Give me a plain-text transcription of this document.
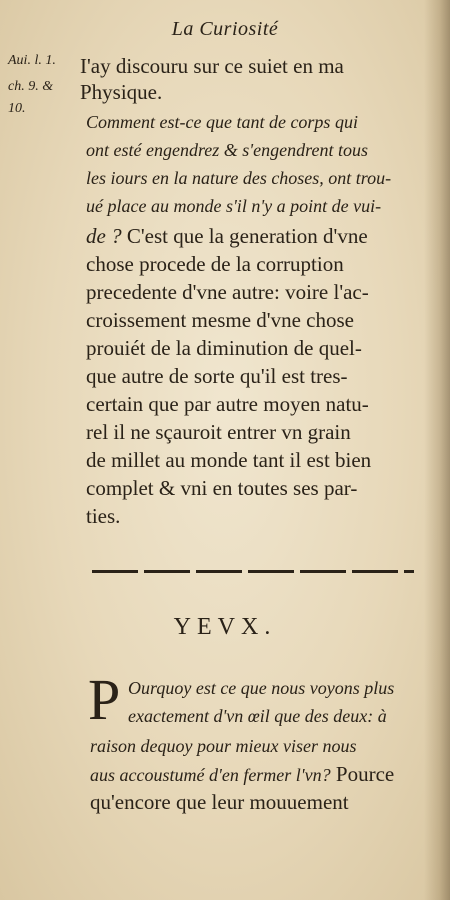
La Curiosité
Aui. l. 1.
ch. 9. &
10.
I'ay discouru sur ce suiet en ma
Physique.
Comment est-ce que tant de corps qui
ont esté engendrez & s'engendrent tous
les iours en la nature des choses, ont trou-
ué place au monde s'il n'y a point de vui-
de ? C'est que la generation d'vne
chose procede de la corruption
precedente d'vne autre: voire l'ac-
croissement mesme d'vne chose
prouiét de la diminution de quel-
que autre de sorte qu'il est tres-
certain que par autre moyen natu-
rel il ne sçauroit entrer vn grain
de millet au monde tant il est bien
complet & vni en toutes ses par-
ties.
YEVX.
P Ourquoy est ce que nous voyons plus
exactement d'vn œil que des deux: à
raison dequoy pour mieux viser nous
aus accoustumé d'en fermer l'vn? Pource
qu'encore que leur mouuement
